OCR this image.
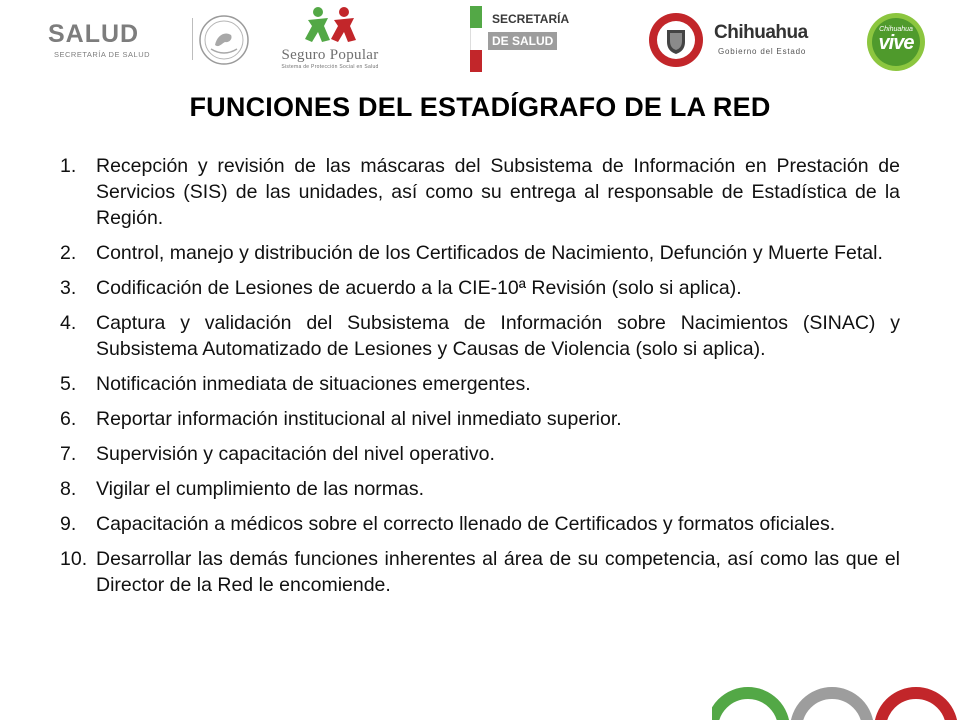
SALUD
SECRETARÍA DE SALUD	Seguro Popular
Sistema de Protección Social en Salud
SECRETARÍA
DE SALUD	Chihuahua
Gobierno del Estado
Chihuahua
vive
FUNCIONES DEL ESTADÍGRAFO DE LA RED
1. Recepción y revisión de las máscaras del Subsistema de Información en Prestación de Servicios (SIS) de las unidades, así como su entrega al responsable de Estadística de la Región.
2. Control, manejo y distribución de los Certificados de Nacimiento, Defunción y Muerte Fetal.
3. Codificación de Lesiones de acuerdo a la CIE-10ª Revisión (solo si aplica).
4. Captura y validación del Subsistema de Información sobre Nacimientos (SINAC) y Subsistema Automatizado de Lesiones y Causas de Violencia (solo si aplica).
5. Notificación inmediata de situaciones emergentes.
6. Reportar información institucional al nivel inmediato superior.
7. Supervisión y capacitación del nivel operativo.
8. Vigilar el cumplimiento de las normas.
9. Capacitación a médicos sobre el correcto llenado de Certificados y formatos oficiales.
10. Desarrollar las demás funciones inherentes al área de su competencia, así como las que el Director de la Red le encomiende.
